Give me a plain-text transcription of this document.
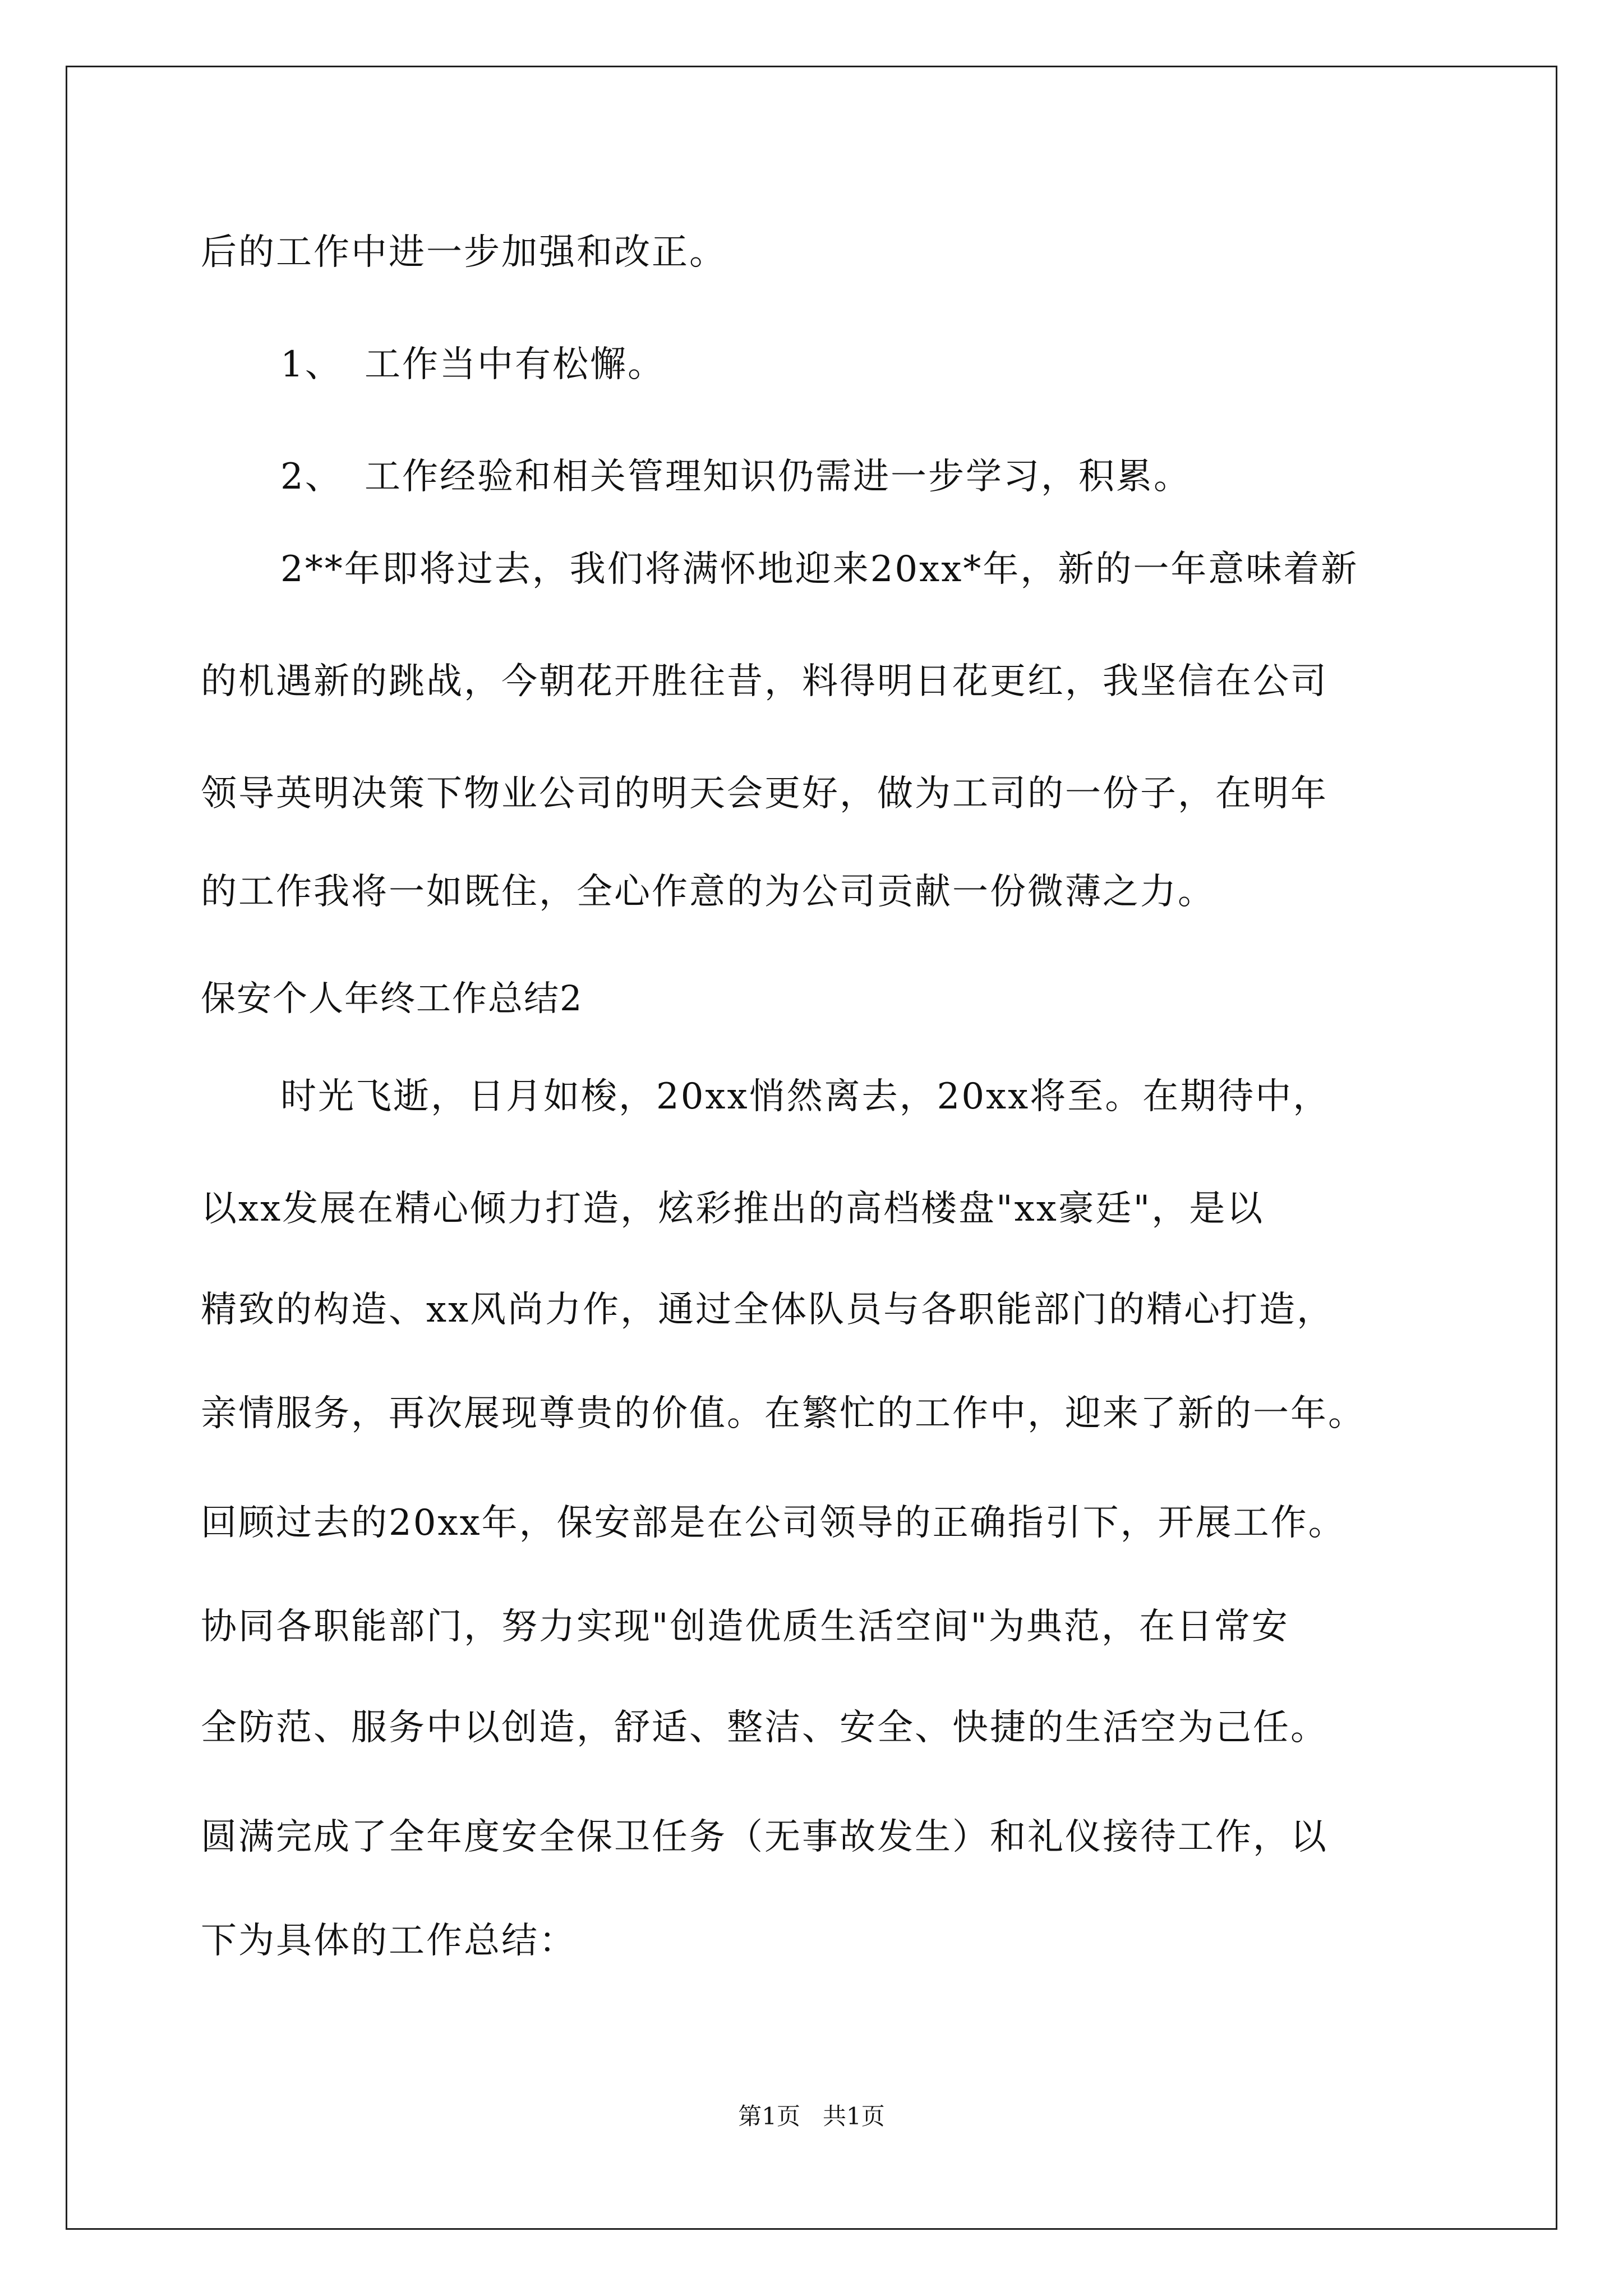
后的工作中进一步加强和改正。
1、 工作当中有松懈。
2、 工作经验和相关管理知识仍需进一步学习，积累。
2**年即将过去，我们将满怀地迎来20xx*年，新的一年意味着新
的机遇新的跳战，今朝花开胜往昔，料得明日花更红，我坚信在公司
领导英明决策下物业公司的明天会更好，做为工司的一份子，在明年
的工作我将一如既住，全心作意的为公司贡献一份微薄之力。
保安个人年终工作总结2
时光飞逝，日月如梭，20xx悄然离去，20xx将至。在期待中，
以xx发展在精心倾力打造，炫彩推出的高档楼盘"xx豪廷"，是以
精致的构造、xx风尚力作，通过全体队员与各职能部门的精心打造，
亲情服务，再次展现尊贵的价值。在繁忙的工作中，迎来了新的一年。
回顾过去的20xx年，保安部是在公司领导的正确指引下，开展工作。
协同各职能部门，努力实现"创造优质生活空间"为典范，在日常安
全防范、服务中以创造，舒适、整洁、安全、快捷的生活空为己任。
圆满完成了全年度安全保卫任务（无事故发生）和礼仪接待工作，以
下为具体的工作总结：
第1页   共1页
